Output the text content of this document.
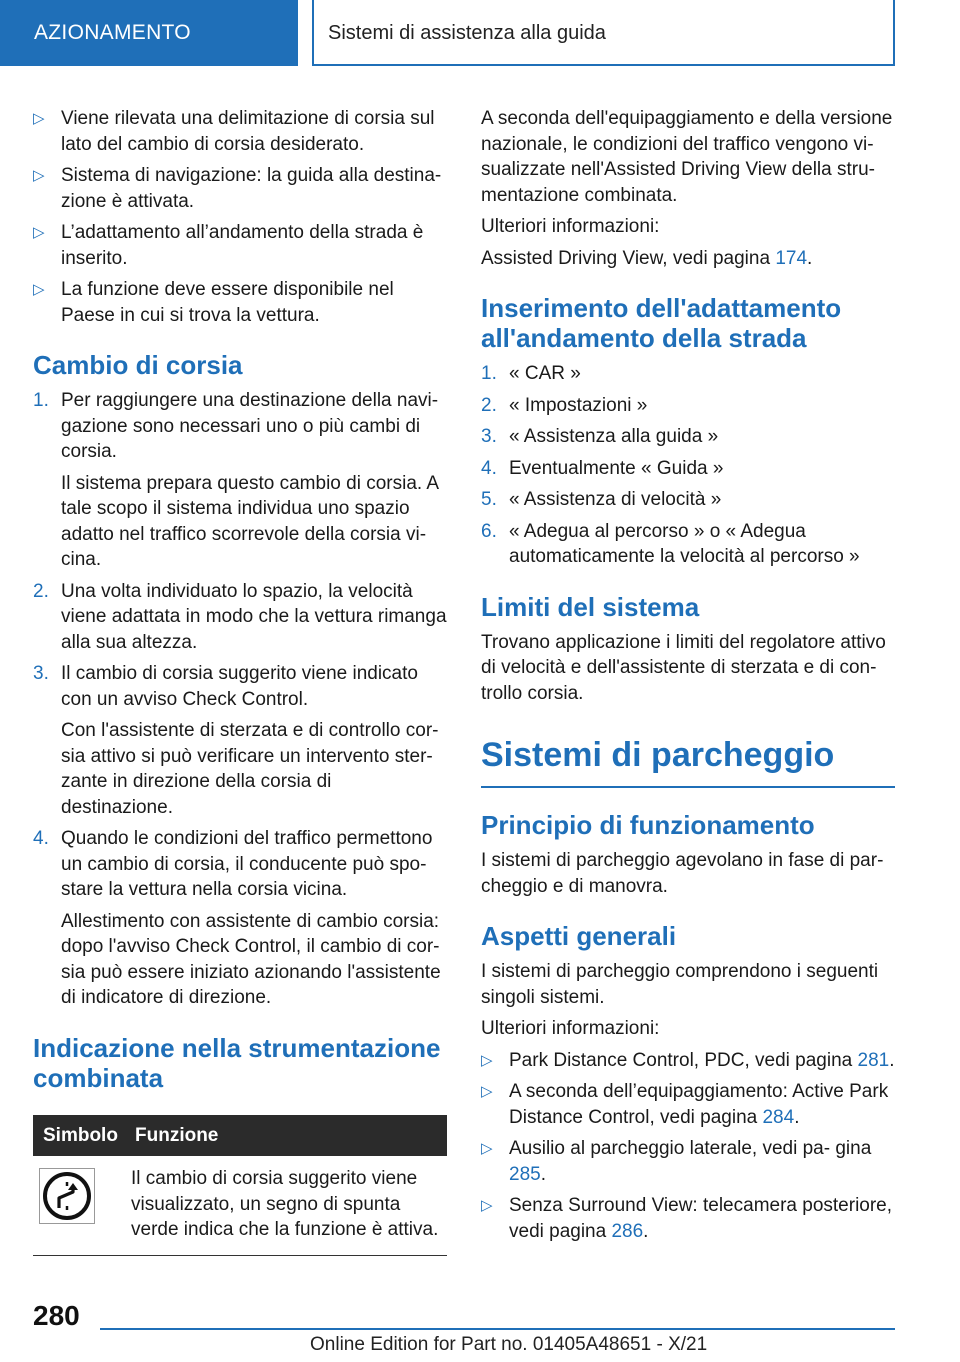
AZIONAMENTO	Sistemi di assistenza alla guida
▷ Viene rilevata una delimitazione di corsia sul lato del cambio di corsia desiderato.
▷ Sistema di navigazione: la guida alla destina- zione è attivata.
▷ L’adattamento all’andamento della strada è inserito.
▷ La funzione deve essere disponibile nel Paese in cui si trova la vettura.
Cambio di corsia
1. Per raggiungere una destinazione della navi- gazione sono necessari uno o più cambi di corsia.

Il sistema prepara questo cambio di corsia. A tale scopo il sistema individua uno spazio adatto nel traffico scorrevole della corsia vi- cina.

2. Una volta individuato lo spazio, la velocità viene adattata in modo che la vettura rimanga alla sua altezza.

3. Il cambio di corsia suggerito viene indicato con un avviso Check Control.

Con l'assistente di sterzata e di controllo cor- sia attivo si può verificare un intervento ster- zante in direzione della corsia di destinazione.

4. Quando le condizioni del traffico permettono un cambio di corsia, il conducente può spo- stare la vettura nella corsia vicina.

Allestimento con assistente di cambio corsia: dopo l'avviso Check Control, il cambio di cor- sia può essere iniziato azionando l'assistente di indicatore di direzione.

Indicazione nella strumentazione combinata
Simbolo	Funzione

	Il cambio di corsia suggerito viene visualizzato, un segno di spunta verde indica che la funzione è attiva.

A seconda dell'equipaggiamento e della versione nazionale, le condizioni del traffico vengono vi- sualizzate nell'Assisted Driving View della stru- mentazione combinata.

Ulteriori informazioni:

Assisted Driving View, vedi pagina 174.

Inserimento dell'adattamento all'andamento della strada
1. « CAR »
2. « Impostazioni »
3. « Assistenza alla guida »
4. Eventualmente « Guida »
5. « Assistenza di velocità »
6. « Adegua al percorso » o « Adegua automaticamente la velocità al percorso »
Limiti del sistema

Trovano applicazione i limiti del regolatore attivo di velocità e dell'assistente di sterzata e di con- trollo corsia.

Sistemi di parcheggio
Principio di funzionamento

I sistemi di parcheggio agevolano in fase di par- cheggio e di manovra.

Aspetti generali

I sistemi di parcheggio comprendono i seguenti singoli sistemi.

Ulteriori informazioni:

▷ Park Distance Control, PDC, vedi pagina 281.
▷ A seconda dell’equipaggiamento: Active Park Distance Control, vedi pagina 284.
▷ Ausilio al parcheggio laterale, vedi pa- gina 285.
▷ Senza Surround View: telecamera posteriore, vedi pagina 286.
280
Online Edition for Part no. 01405A48651 - X/21
